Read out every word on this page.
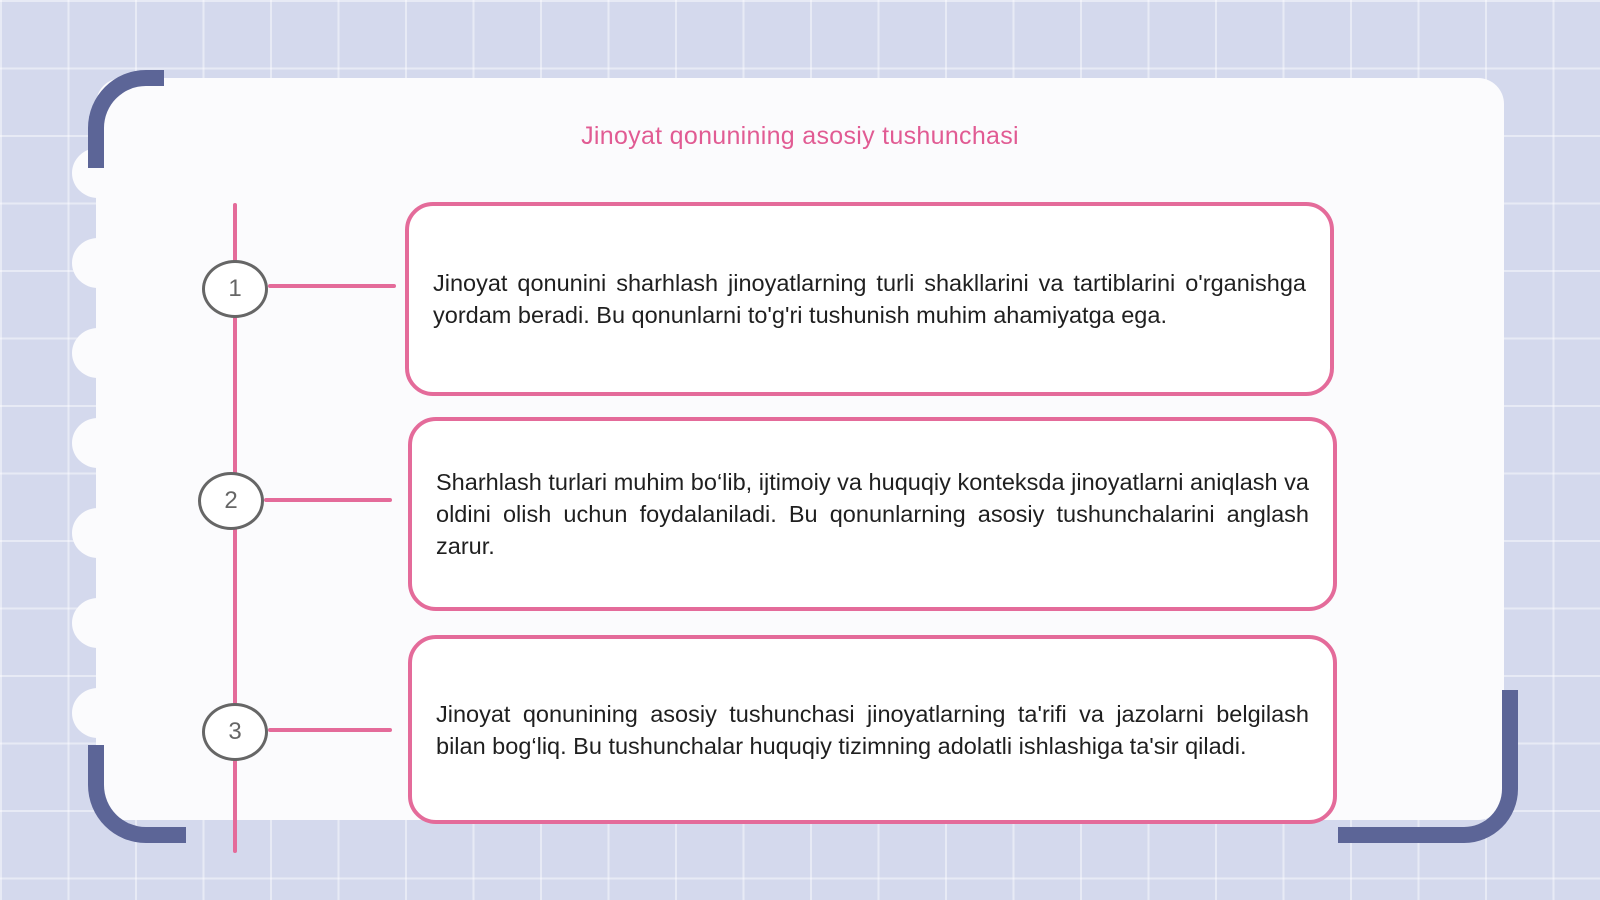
Jinoyat qonunining asosiy tushunchasi
1
2
3

Jinoyat qonunini sharhlash jinoyatlarning turli shakllarini va tartiblarini o'rganishga yordam beradi. Bu qonunlarni to'g'ri tushunish muhim ahamiyatga ega.

Sharhlash turlari muhim bo‘lib, ijtimoiy va huquqiy konteksda jinoyatlarni aniqlash va oldini olish uchun foydalaniladi. Bu qonunlarning asosiy tushunchalarini anglash zarur.

Jinoyat qonunining asosiy tushunchasi jinoyatlarning ta'rifi va jazolarni belgilash bilan bog‘liq. Bu tushunchalar huquqiy tizimning adolatli ishlashiga ta'sir qiladi.
